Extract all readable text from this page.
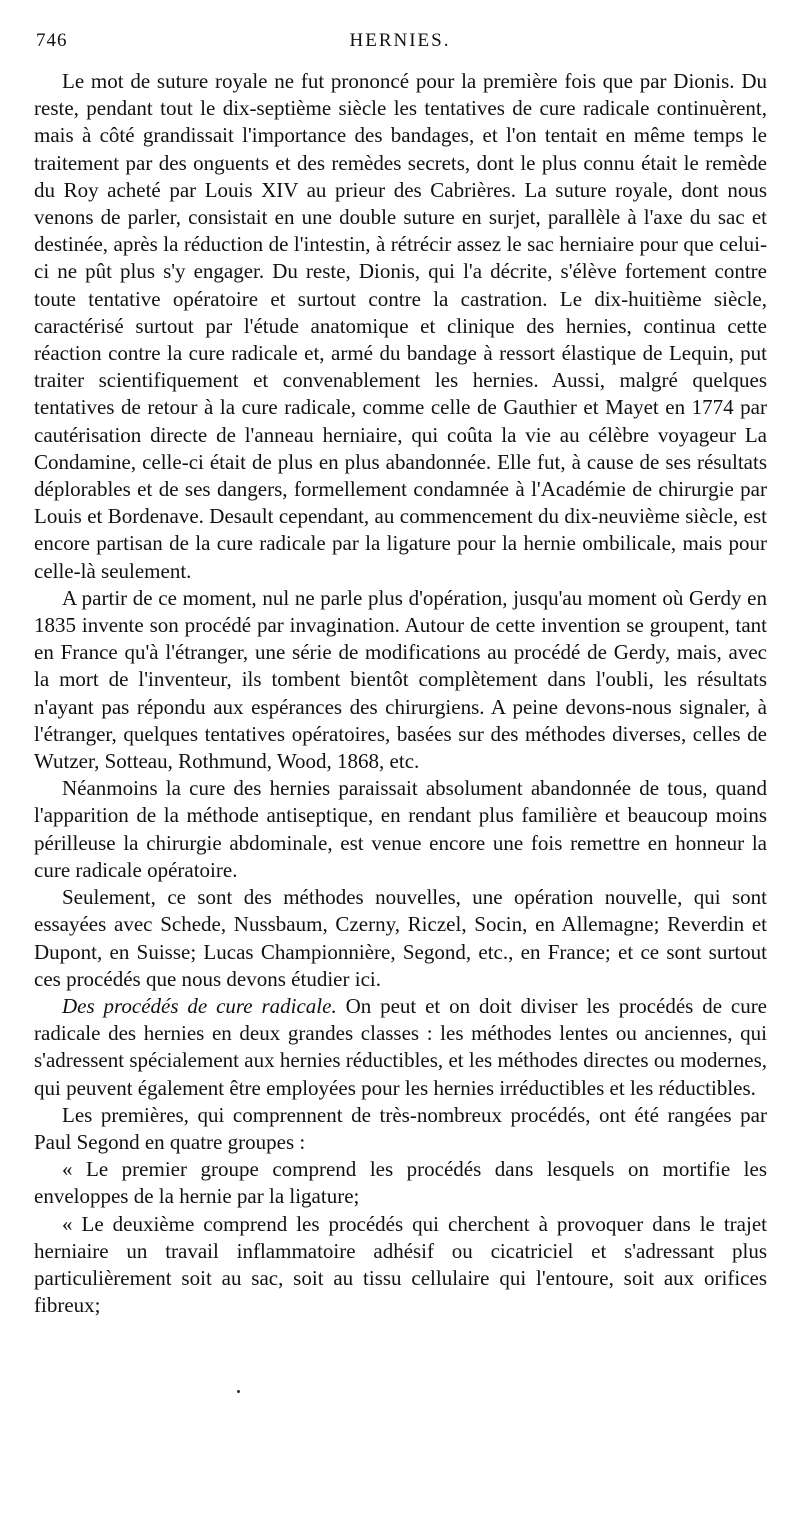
746	HERNIES.

Le mot de suture royale ne fut prononcé pour la première fois que par Dionis. Du reste, pendant tout le dix-septième siècle les tentatives de cure radicale continuèrent, mais à côté grandissait l'importance des bandages, et l'on tentait en même temps le traitement par des onguents et des remèdes secrets, dont le plus connu était le remède du Roy acheté par Louis XIV au prieur des Cabrières. La suture royale, dont nous venons de parler, consistait en une double suture en surjet, parallèle à l'axe du sac et destinée, après la réduction de l'intestin, à rétrécir assez le sac herniaire pour que celui-ci ne pût plus s'y engager. Du reste, Dionis, qui l'a décrite, s'élève fortement contre toute tentative opératoire et surtout contre la castration. Le dix-huitième siècle, caractérisé surtout par l'étude anatomique et clinique des hernies, continua cette réaction contre la cure radicale et, armé du bandage à ressort élastique de Lequin, put traiter scientifiquement et convenablement les hernies. Aussi, malgré quelques tentatives de retour à la cure radicale, comme celle de Gauthier et Mayet en 1774 par cautérisation directe de l'anneau herniaire, qui coûta la vie au célèbre voyageur La Condamine, celle-ci était de plus en plus abandonnée. Elle fut, à cause de ses résultats déplorables et de ses dangers, formellement condamnée à l'Académie de chirurgie par Louis et Bordenave. Desault cependant, au commencement du dix-neuvième siècle, est encore partisan de la cure radicale par la ligature pour la hernie ombilicale, mais pour celle-là seulement.

A partir de ce moment, nul ne parle plus d'opération, jusqu'au moment où Gerdy en 1835 invente son procédé par invagination. Autour de cette invention se groupent, tant en France qu'à l'étranger, une série de modifications au procédé de Gerdy, mais, avec la mort de l'inventeur, ils tombent bientôt complètement dans l'oubli, les résultats n'ayant pas répondu aux espérances des chirurgiens. A peine devons-nous signaler, à l'étranger, quelques tentatives opératoires, basées sur des méthodes diverses, celles de Wutzer, Sotteau, Rothmund, Wood, 1868, etc.

Néanmoins la cure des hernies paraissait absolument abandonnée de tous, quand l'apparition de la méthode antiseptique, en rendant plus familière et beaucoup moins périlleuse la chirurgie abdominale, est venue encore une fois remettre en honneur la cure radicale opératoire.

Seulement, ce sont des méthodes nouvelles, une opération nouvelle, qui sont essayées avec Schede, Nussbaum, Czerny, Riczel, Socin, en Allemagne; Reverdin et Dupont, en Suisse; Lucas Championnière, Segond, etc., en France; et ce sont surtout ces procédés que nous devons étudier ici.

Des procédés de cure radicale. On peut et on doit diviser les procédés de cure radicale des hernies en deux grandes classes : les méthodes lentes ou anciennes, qui s'adressent spécialement aux hernies réductibles, et les méthodes directes ou modernes, qui peuvent également être employées pour les hernies irréductibles et les réductibles.

Les premières, qui comprennent de très-nombreux procédés, ont été rangées par Paul Segond en quatre groupes :

« Le premier groupe comprend les procédés dans lesquels on mortifie les enveloppes de la hernie par la ligature;

« Le deuxième comprend les procédés qui cherchent à provoquer dans le trajet herniaire un travail inflammatoire adhésif ou cicatriciel et s'adressant plus particulièrement soit au sac, soit au tissu cellulaire qui l'entoure, soit aux orifices fibreux;
